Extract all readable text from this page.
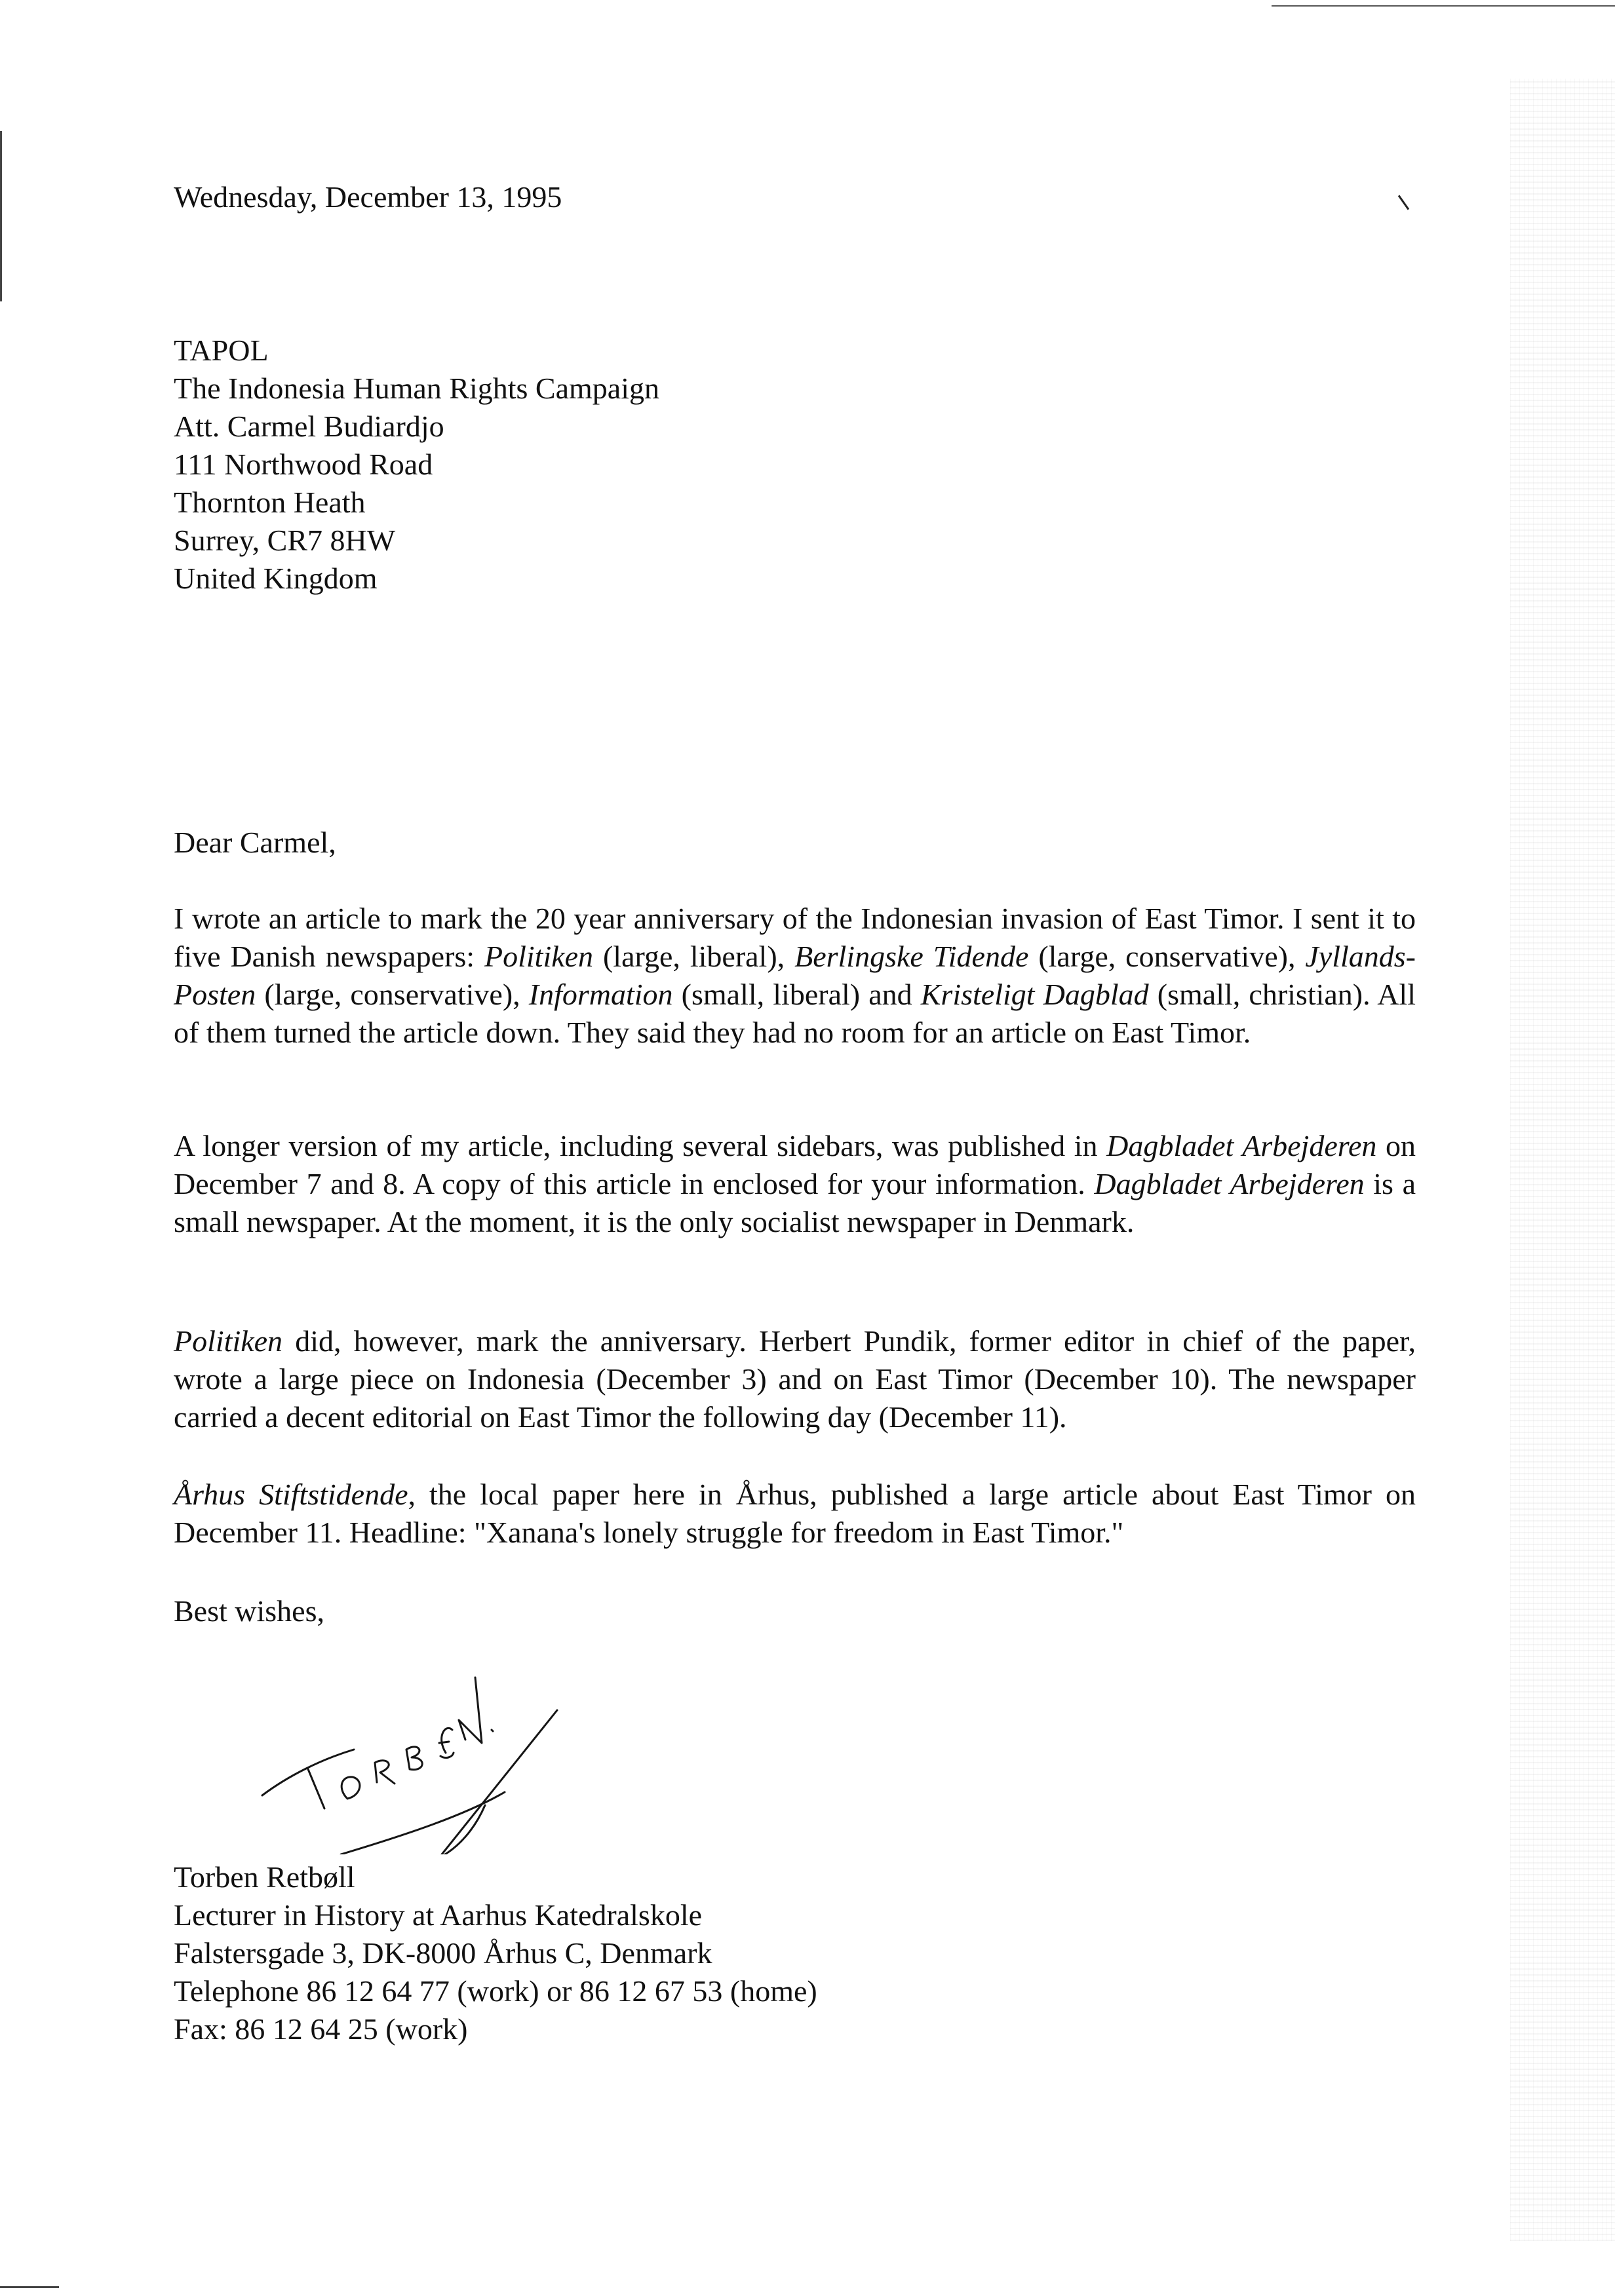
Wednesday, December 13, 1995
TAPOL
The Indonesia Human Rights Campaign
Att. Carmel Budiardjo
111 Northwood Road
Thornton Heath
Surrey, CR7 8HW
United Kingdom
Dear Carmel,

I wrote an article to mark the 20 year anniversary of the Indonesian invasion of East Timor. I sent it to five Danish newspapers: Politiken (large, liberal), Berlingske Tidende (large, conservative), Jyllands-Posten (large, conservative), Information (small, liberal) and Kristeligt Dagblad (small, christian). All of them turned the article down. They said they had no room for an article on East Timor.

A longer version of my article, including several sidebars, was published in Dagbladet Arbejderen on December 7 and 8. A copy of this article in enclosed for your information. Dagbladet Arbejderen is a small newspaper. At the moment, it is the only socialist newspaper in Denmark.

Politiken did, however, mark the anniversary. Herbert Pundik, former editor in chief of the paper, wrote a large piece on Indonesia (December 3) and on East Timor (December 10). The newspaper carried a decent editorial on East Timor the following day (December 11).

Århus Stiftstidende, the local paper here in Århus, published a large article about East Timor on December 11. Headline: "Xanana's lonely struggle for freedom in East Timor."

Best wishes,
Torben Retbøll
Lecturer in History at Aarhus Katedralskole
Falstersgade 3, DK-8000 Århus C, Denmark
Telephone 86 12 64 77 (work) or 86 12 67 53 (home)
Fax: 86 12 64 25 (work)
